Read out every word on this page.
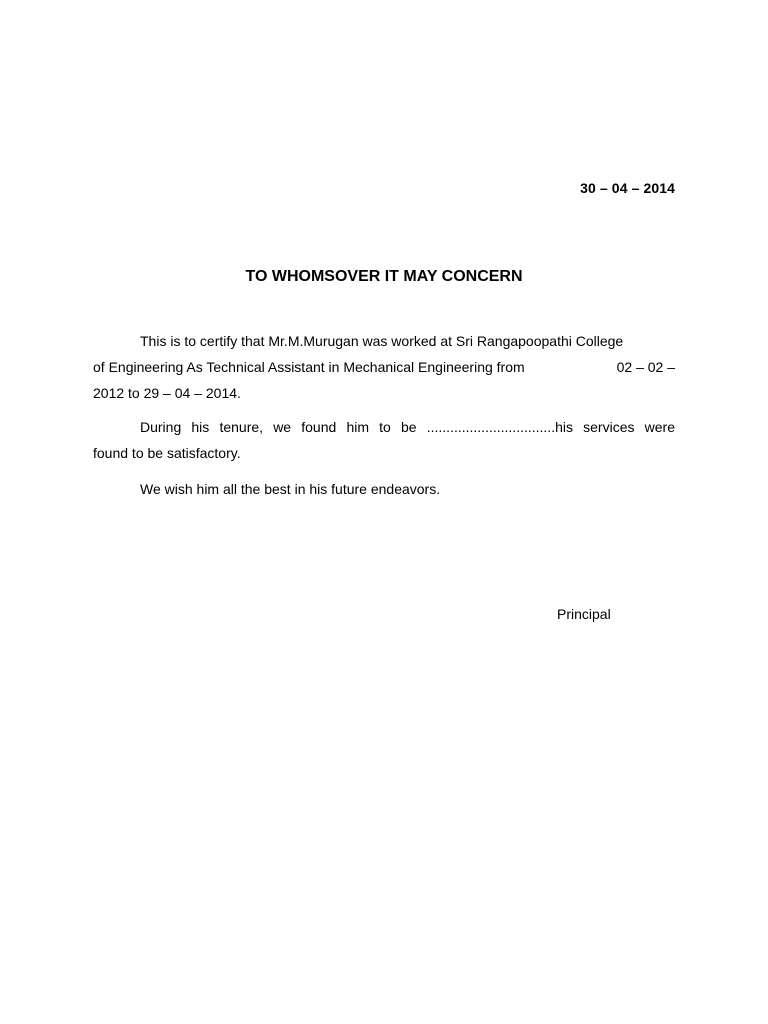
30 – 04 – 2014
TO WHOMSOVER IT MAY CONCERN
This is to certify that Mr.M.Murugan was worked at Sri Rangapoopathi College
of Engineering As Technical Assistant in Mechanical Engineering from	02 – 02 –
2012 to 29 – 04 – 2014.
During his tenure, we found him to be .................................his services were
found to be satisfactory.
We wish him all the best in his future endeavors.
Principal
